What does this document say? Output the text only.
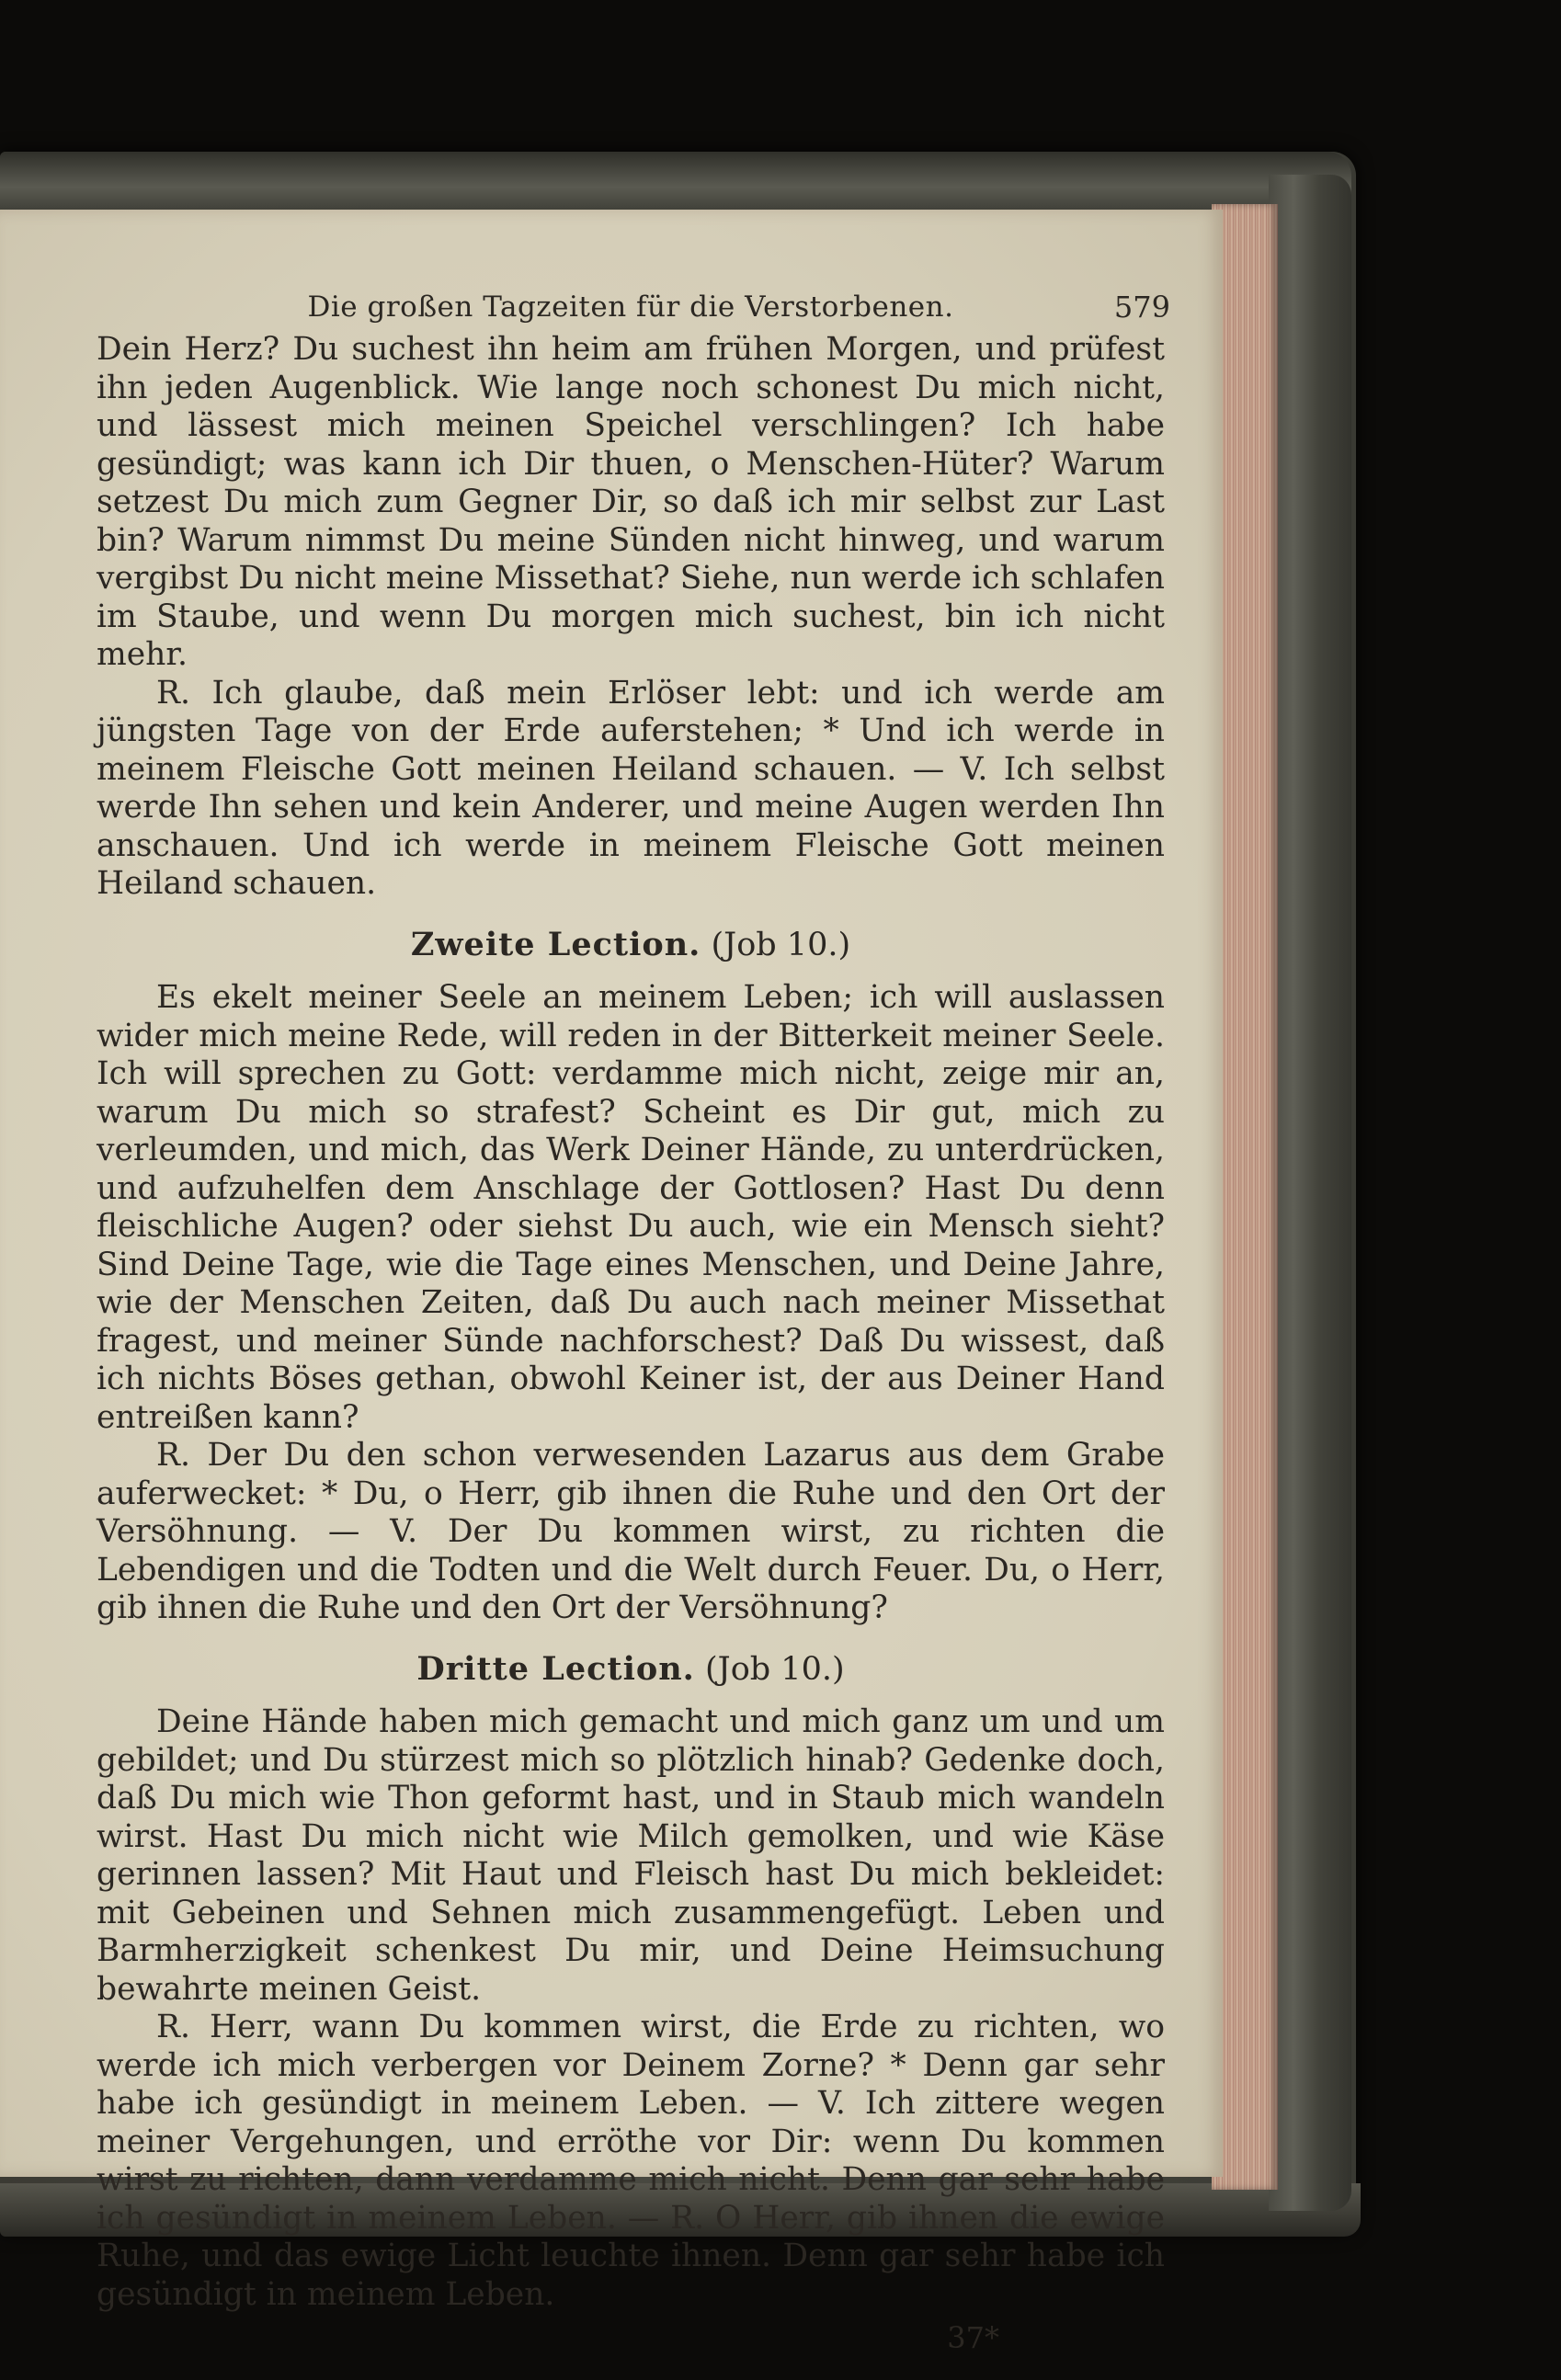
Die großen Tagzeiten für die Verstorbenen.	579

Dein Herz? Du suchest ihn heim am frühen Morgen, und prüfest ihn jeden Augenblick. Wie lange noch schonest Du mich nicht, und lässest mich meinen Speichel verschlingen? Ich habe gesündigt; was kann ich Dir thuen, o Menschen-Hüter? Warum setzest Du mich zum Gegner Dir, so daß ich mir selbst zur Last bin? Warum nimmst Du meine Sünden nicht hinweg, und warum vergibst Du nicht meine Missethat? Siehe, nun werde ich schlafen im Staube, und wenn Du morgen mich suchest, bin ich nicht mehr.

R. Ich glaube, daß mein Erlöser lebt: und ich werde am jüngsten Tage von der Erde auferstehen; * Und ich werde in meinem Fleische Gott meinen Heiland schauen. — V. Ich selbst werde Ihn sehen und kein Anderer, und meine Augen werden Ihn anschauen. Und ich werde in meinem Fleische Gott meinen Heiland schauen.

Zweite Lection. (Job 10.)

Es ekelt meiner Seele an meinem Leben; ich will auslassen wider mich meine Rede, will reden in der Bitterkeit meiner Seele. Ich will sprechen zu Gott: verdamme mich nicht, zeige mir an, warum Du mich so strafest? Scheint es Dir gut, mich zu verleumden, und mich, das Werk Deiner Hände, zu unterdrücken, und aufzuhelfen dem Anschlage der Gottlosen? Hast Du denn fleischliche Augen? oder siehst Du auch, wie ein Mensch sieht? Sind Deine Tage, wie die Tage eines Menschen, und Deine Jahre, wie der Menschen Zeiten, daß Du auch nach meiner Missethat fragest, und meiner Sünde nachforschest? Daß Du wissest, daß ich nichts Böses gethan, obwohl Keiner ist, der aus Deiner Hand entreißen kann?

R. Der Du den schon verwesenden Lazarus aus dem Grabe auferwecket: * Du, o Herr, gib ihnen die Ruhe und den Ort der Versöhnung. — V. Der Du kommen wirst, zu richten die Lebendigen und die Todten und die Welt durch Feuer. Du, o Herr, gib ihnen die Ruhe und den Ort der Versöhnung?

Dritte Lection. (Job 10.)

Deine Hände haben mich gemacht und mich ganz um und um gebildet; und Du stürzest mich so plötzlich hinab? Gedenke doch, daß Du mich wie Thon geformt hast, und in Staub mich wandeln wirst. Hast Du mich nicht wie Milch gemolken, und wie Käse gerinnen lassen? Mit Haut und Fleisch hast Du mich bekleidet: mit Gebeinen und Sehnen mich zusammengefügt. Leben und Barmherzigkeit schenkest Du mir, und Deine Heimsuchung bewahrte meinen Geist.

R. Herr, wann Du kommen wirst, die Erde zu richten, wo werde ich mich verbergen vor Deinem Zorne? * Denn gar sehr habe ich gesündigt in meinem Leben. — V. Ich zittere wegen meiner Vergehungen, und erröthe vor Dir: wenn Du kommen wirst zu richten, dann verdamme mich nicht. Denn gar sehr habe ich gesündigt in meinem Leben. — R. O Herr, gib ihnen die ewige Ruhe, und das ewige Licht leuchte ihnen. Denn gar sehr habe ich gesündigt in meinem Leben.

37*
